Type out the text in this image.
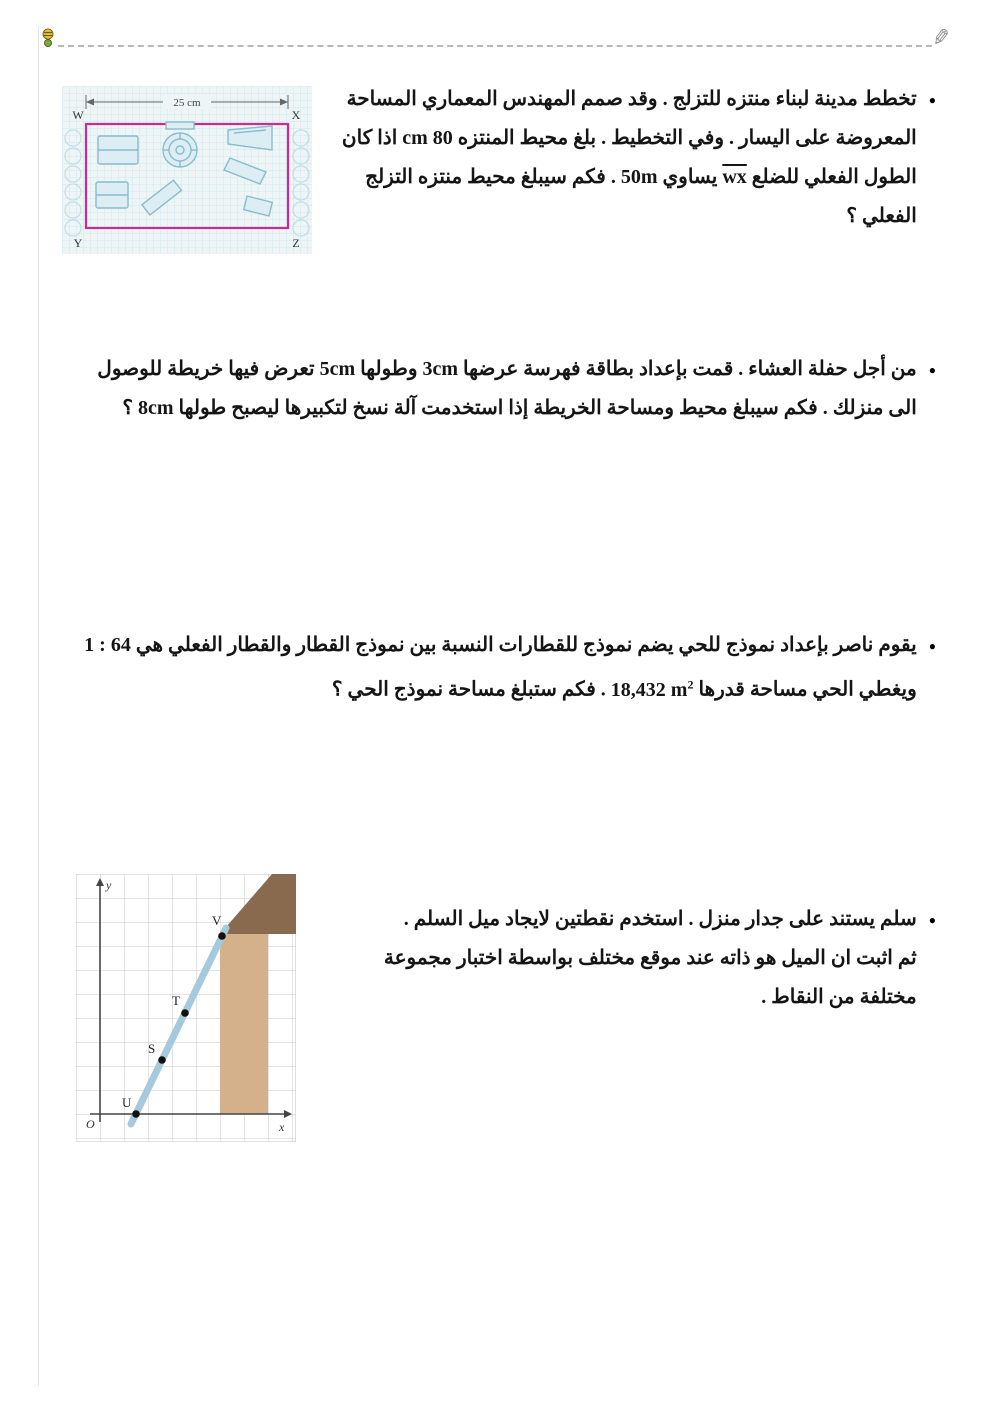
✎
25 cm
W	X
Y	Z
●

تخطط مدينة لبناء منتزه للتزلج . وقد صمم المهندس المعماري المساحة المعروضة على اليسار . وفي التخطيط . بلغ محيط المنتزه 80 cm اذا كان الطول الفعلي للضلع $\overline{wx}$ يساوي 50m . فكم سيبلغ محيط منتزه التزلج الفعلي ؟

●

من أجل حفلة العشاء . قمت بإعداد بطاقة فهرسة عرضها 3cm وطولها 5cm تعرض فيها خريطة للوصول الى منزلك . فكم سيبلغ محيط ومساحة الخريطة إذا استخدمت آلة نسخ لتكبيرها ليصبح طولها 8cm ؟

●

يقوم ناصر بإعداد نموذج للحي يضم نموذج للقطارات النسبة بين نموذج القطار والقطار الفعلي هي 64 : 1 ويغطي الحي مساحة قدرها 18,432 $m^2$ . فكم ستبلغ مساحة نموذج الحي ؟

●

سلم يستند على جدار منزل . استخدم نقطتين لايجاد ميل السلم . ثم اثبت ان الميل هو ذاته عند موقع مختلف بواسطة اختبار مجموعة مختلفة من النقاط .

V
T
S
U
y
x
O
